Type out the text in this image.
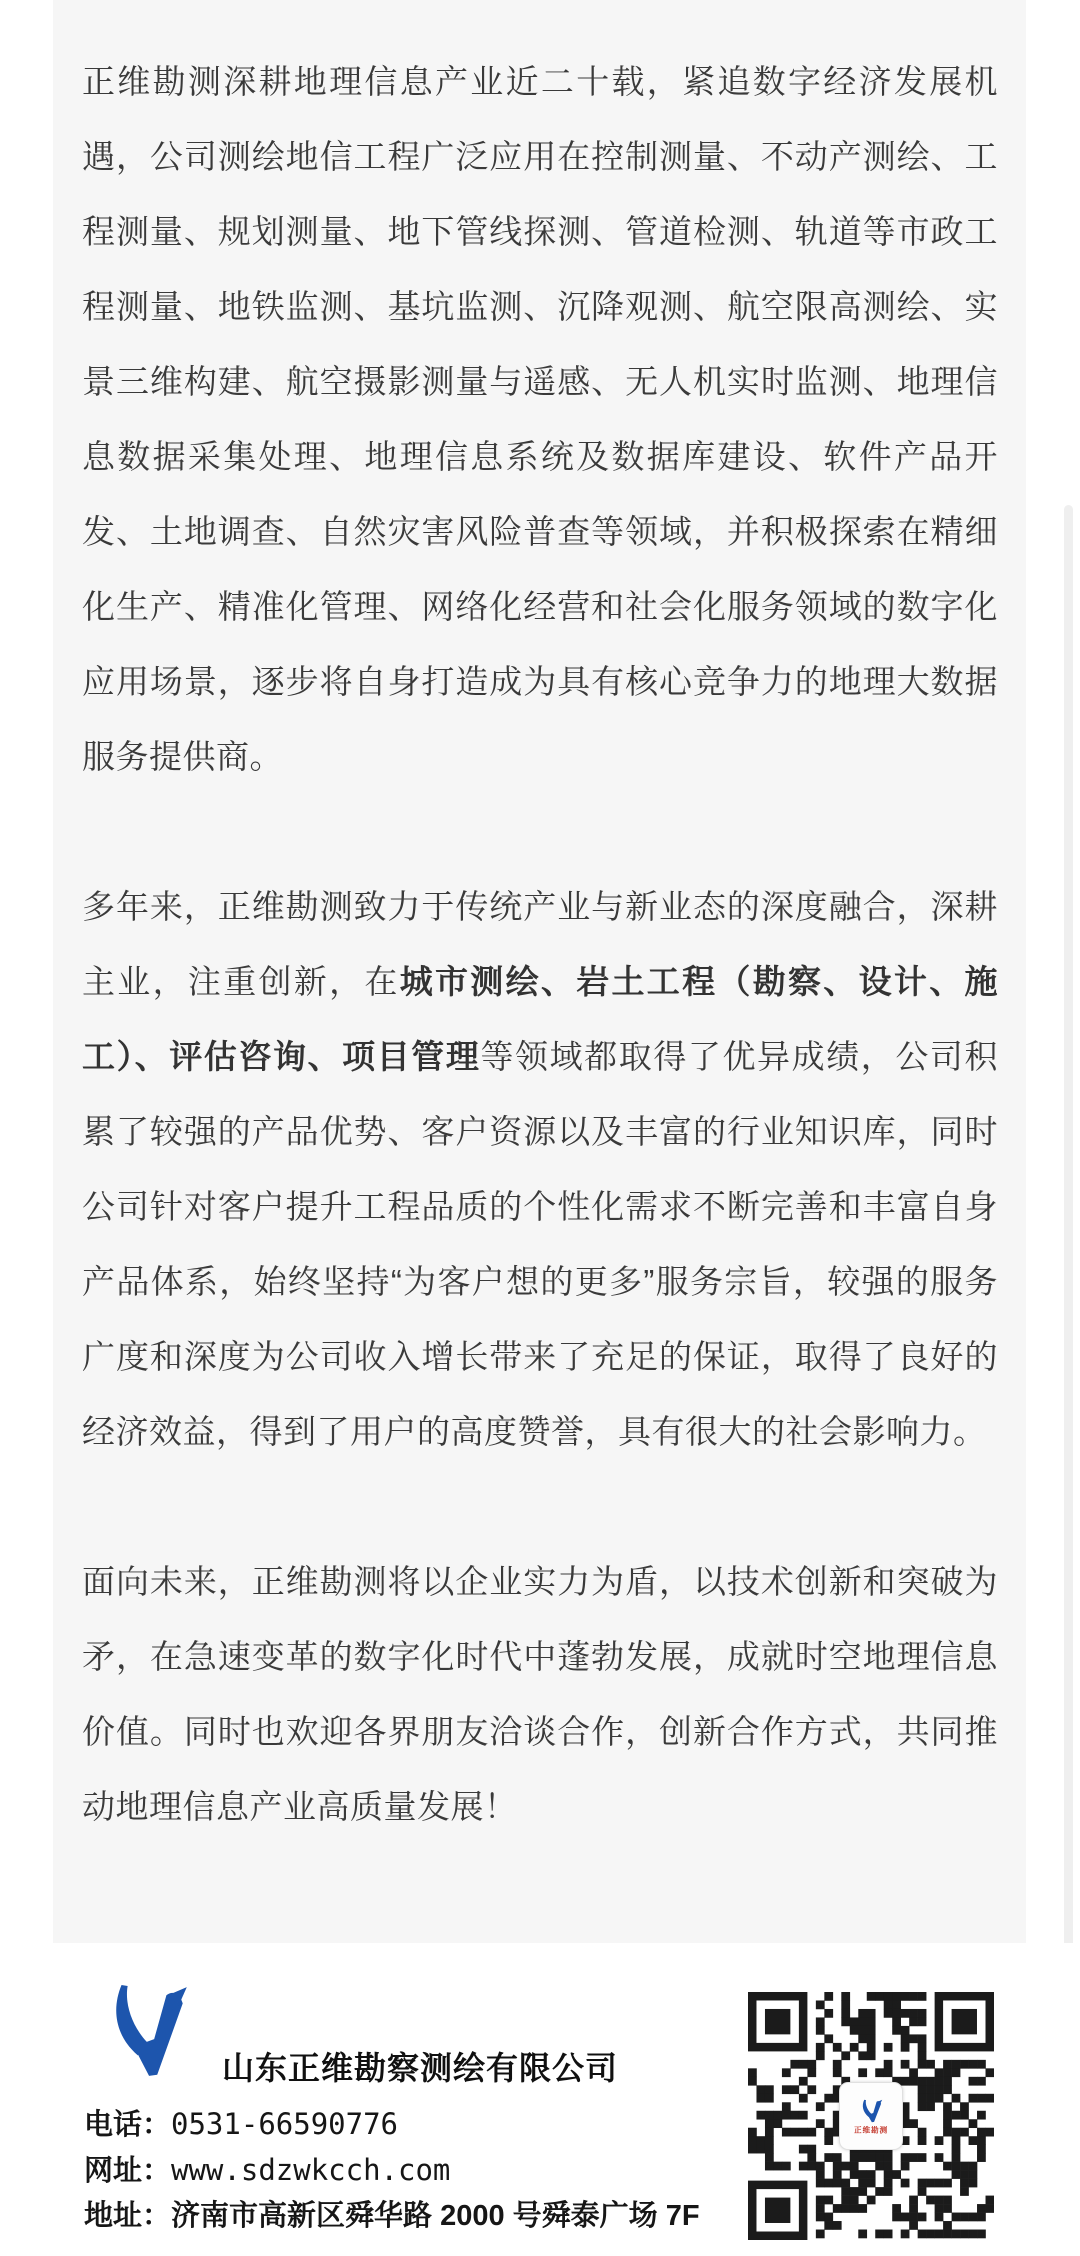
正维勘测深耕地理信息产业近二十载，紧追数字经济发展机遇，公司测绘地信工程广泛应用在控制测量、不动产测绘、工程测量、规划测量、地下管线探测、管道检测、轨道等市政工程测量、地铁监测、基坑监测、沉降观测、航空限高测绘、实景三维构建、航空摄影测量与遥感、无人机实时监测、地理信息数据采集处理、地理信息系统及数据库建设、软件产品开发、土地调查、自然灾害风险普查等领域，并积极探索在精细化生产、精准化管理、网络化经营和社会化服务领域的数字化应用场景，逐步将自身打造成为具有核心竞争力的地理大数据服务提供商。

多年来，正维勘测致力于传统产业与新业态的深度融合，深耕主业，注重创新，在城市测绘、岩土工程（勘察、设计、施工）、评估咨询、项目管理等领域都取得了优异成绩，公司积累了较强的产品优势、客户资源以及丰富的行业知识库，同时公司针对客户提升工程品质的个性化需求不断完善和丰富自身产品体系，始终坚持“为客户想的更多”服务宗旨，较强的服务广度和深度为公司收入增长带来了充足的保证，取得了良好的经济效益，得到了用户的高度赞誉，具有很大的社会影响力。

面向未来，正维勘测将以企业实力为盾，以技术创新和突破为矛，在急速变革的数字化时代中蓬勃发展，成就时空地理信息价值。同时也欢迎各界朋友洽谈合作，创新合作方式，共同推动地理信息产业高质量发展！

山东正维勘察测绘有限公司
电话：0531-66590776
网址：www.sdzwkcch.com
地址：济南市高新区舜华路 2000 号舜泰广场 7F
正维勘测
